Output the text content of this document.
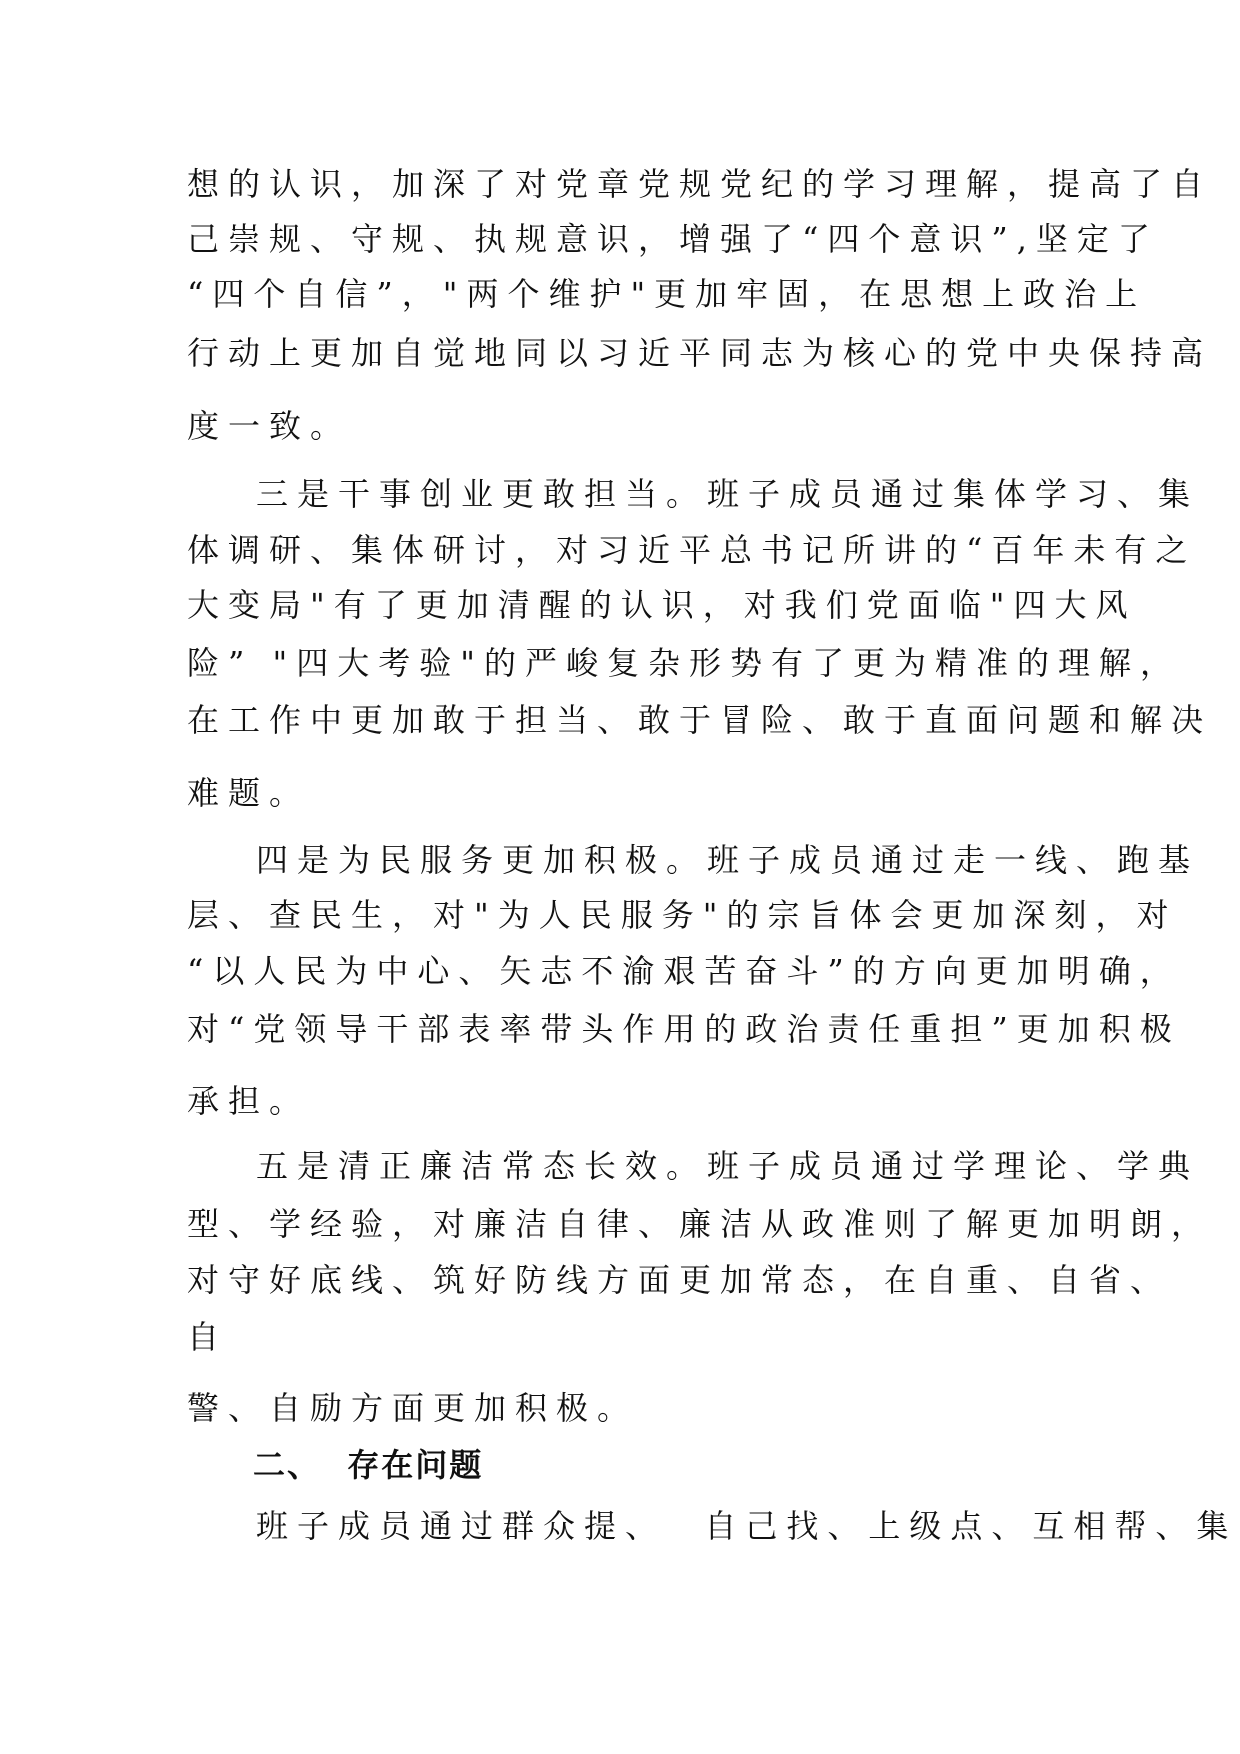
想的认识，加深了对党章党规党纪的学习理解，提高了自
己崇规、守规、执规意识，增强了“四个意识”,坚定了
“四个自信”，"两个维护"更加牢固，在思想上政治上
行动上更加自觉地同以习近平同志为核心的党中央保持高
度一致。
三是干事创业更敢担当。班子成员通过集体学习、集
体调研、集体研讨，对习近平总书记所讲的“百年未有之
大变局"有了更加清醒的认识，对我们党面临"四大风
险” "四大考验"的严峻复杂形势有了更为精准的理解，
在工作中更加敢于担当、敢于冒险、敢于直面问题和解决
难题。
四是为民服务更加积极。班子成员通过走一线、跑基
层、查民生，对"为人民服务"的宗旨体会更加深刻，对
“以人民为中心、矢志不渝艰苦奋斗”的方向更加明确，
对“党领导干部表率带头作用的政治责任重担”更加积极
承担。
五是清正廉洁常态长效。班子成员通过学理论、学典
型、学经验，对廉洁自律、廉洁从政准则了解更加明朗，
对守好底线、筑好防线方面更加常态，在自重、自省、
自
警、自励方面更加积极。
二、  存在问题
班子成员通过群众提、  自己找、上级点、互相帮、集
